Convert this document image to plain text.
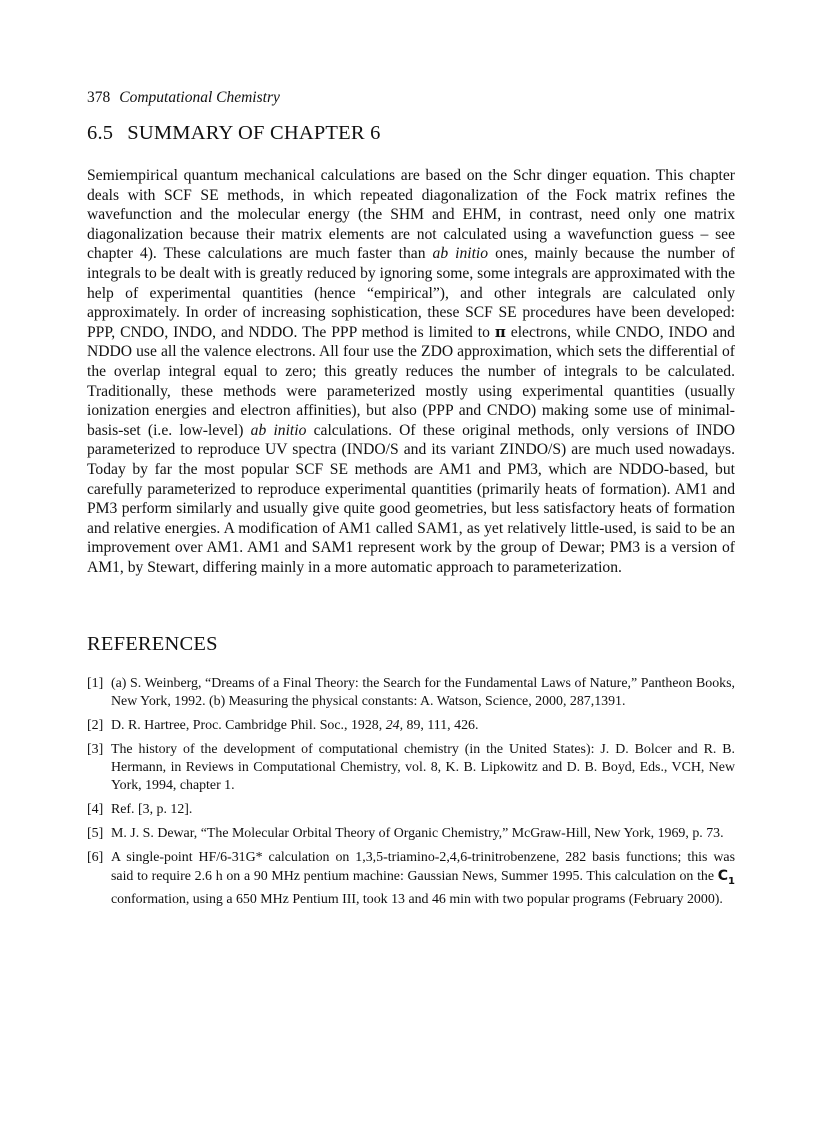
378 Computational Chemistry

6.5 SUMMARY OF CHAPTER 6

Semiempirical quantum mechanical calculations are based on the Schr dinger equation. This chapter deals with SCF SE methods, in which repeated diagonalization of the Fock matrix refines the wavefunction and the molecular energy (the SHM and EHM, in contrast, need only one matrix diagonalization because their matrix elements are not calculated using a wavefunction guess – see chapter 4). These calculations are much faster than ab initio ones, mainly because the number of integrals to be dealt with is greatly reduced by ignoring some, some integrals are approximated with the help of experimental quantities (hence “empirical”), and other integrals are calculated only approximately. In order of increasing sophistication, these SCF SE procedures have been developed: PPP, CNDO, INDO, and NDDO. The PPP method is limited to π electrons, while CNDO, INDO and NDDO use all the valence electrons. All four use the ZDO approximation, which sets the differential of the overlap integral equal to zero; this greatly reduces the number of integrals to be calculated. Traditionally, these methods were parameterized mostly using experimental quantities (usually ionization energies and electron affinities), but also (PPP and CNDO) making some use of minimal-basis-set (i.e. low-level) ab initio calculations. Of these original methods, only versions of INDO parameterized to reproduce UV spectra (INDO/S and its variant ZINDO/S) are much used nowadays. Today by far the most popular SCF SE methods are AM1 and PM3, which are NDDO-based, but carefully parameterized to reproduce experimental quantities (primarily heats of formation). AM1 and PM3 perform similarly and usually give quite good geometries, but less satisfactory heats of formation and relative energies. A modification of AM1 called SAM1, as yet relatively little-used, is said to be an improvement over AM1. AM1 and SAM1 represent work by the group of Dewar; PM3 is a version of AM1, by Stewart, differing mainly in a more automatic approach to parameterization.

REFERENCES
[1] (a) S. Weinberg, “Dreams of a Final Theory: the Search for the Fundamental Laws of Nature,” Pantheon Books, New York, 1992. (b) Measuring the physical constants: A. Watson, Science, 2000, 287,1391.
[2] D. R. Hartree, Proc. Cambridge Phil. Soc., 1928, 24, 89, 111, 426.
[3] The history of the development of computational chemistry (in the United States): J. D. Bolcer and R. B. Hermann, in Reviews in Computational Chemistry, vol. 8, K. B. Lipkowitz and D. B. Boyd, Eds., VCH, New York, 1994, chapter 1.
[4] Ref. [3, p. 12].
[5] M. J. S. Dewar, “The Molecular Orbital Theory of Organic Chemistry,” McGraw-Hill, New York, 1969, p. 73.
[6] A single-point HF/6-31G* calculation on 1,3,5-triamino-2,4,6-trinitrobenzene, 282 basis functions; this was said to require 2.6 h on a 90 MHz pentium machine: Gaussian News, Summer 1995. This calculation on the $C_1$ conformation, using a 650 MHz Pentium III, took 13 and 46 min with two popular programs (February 2000).
